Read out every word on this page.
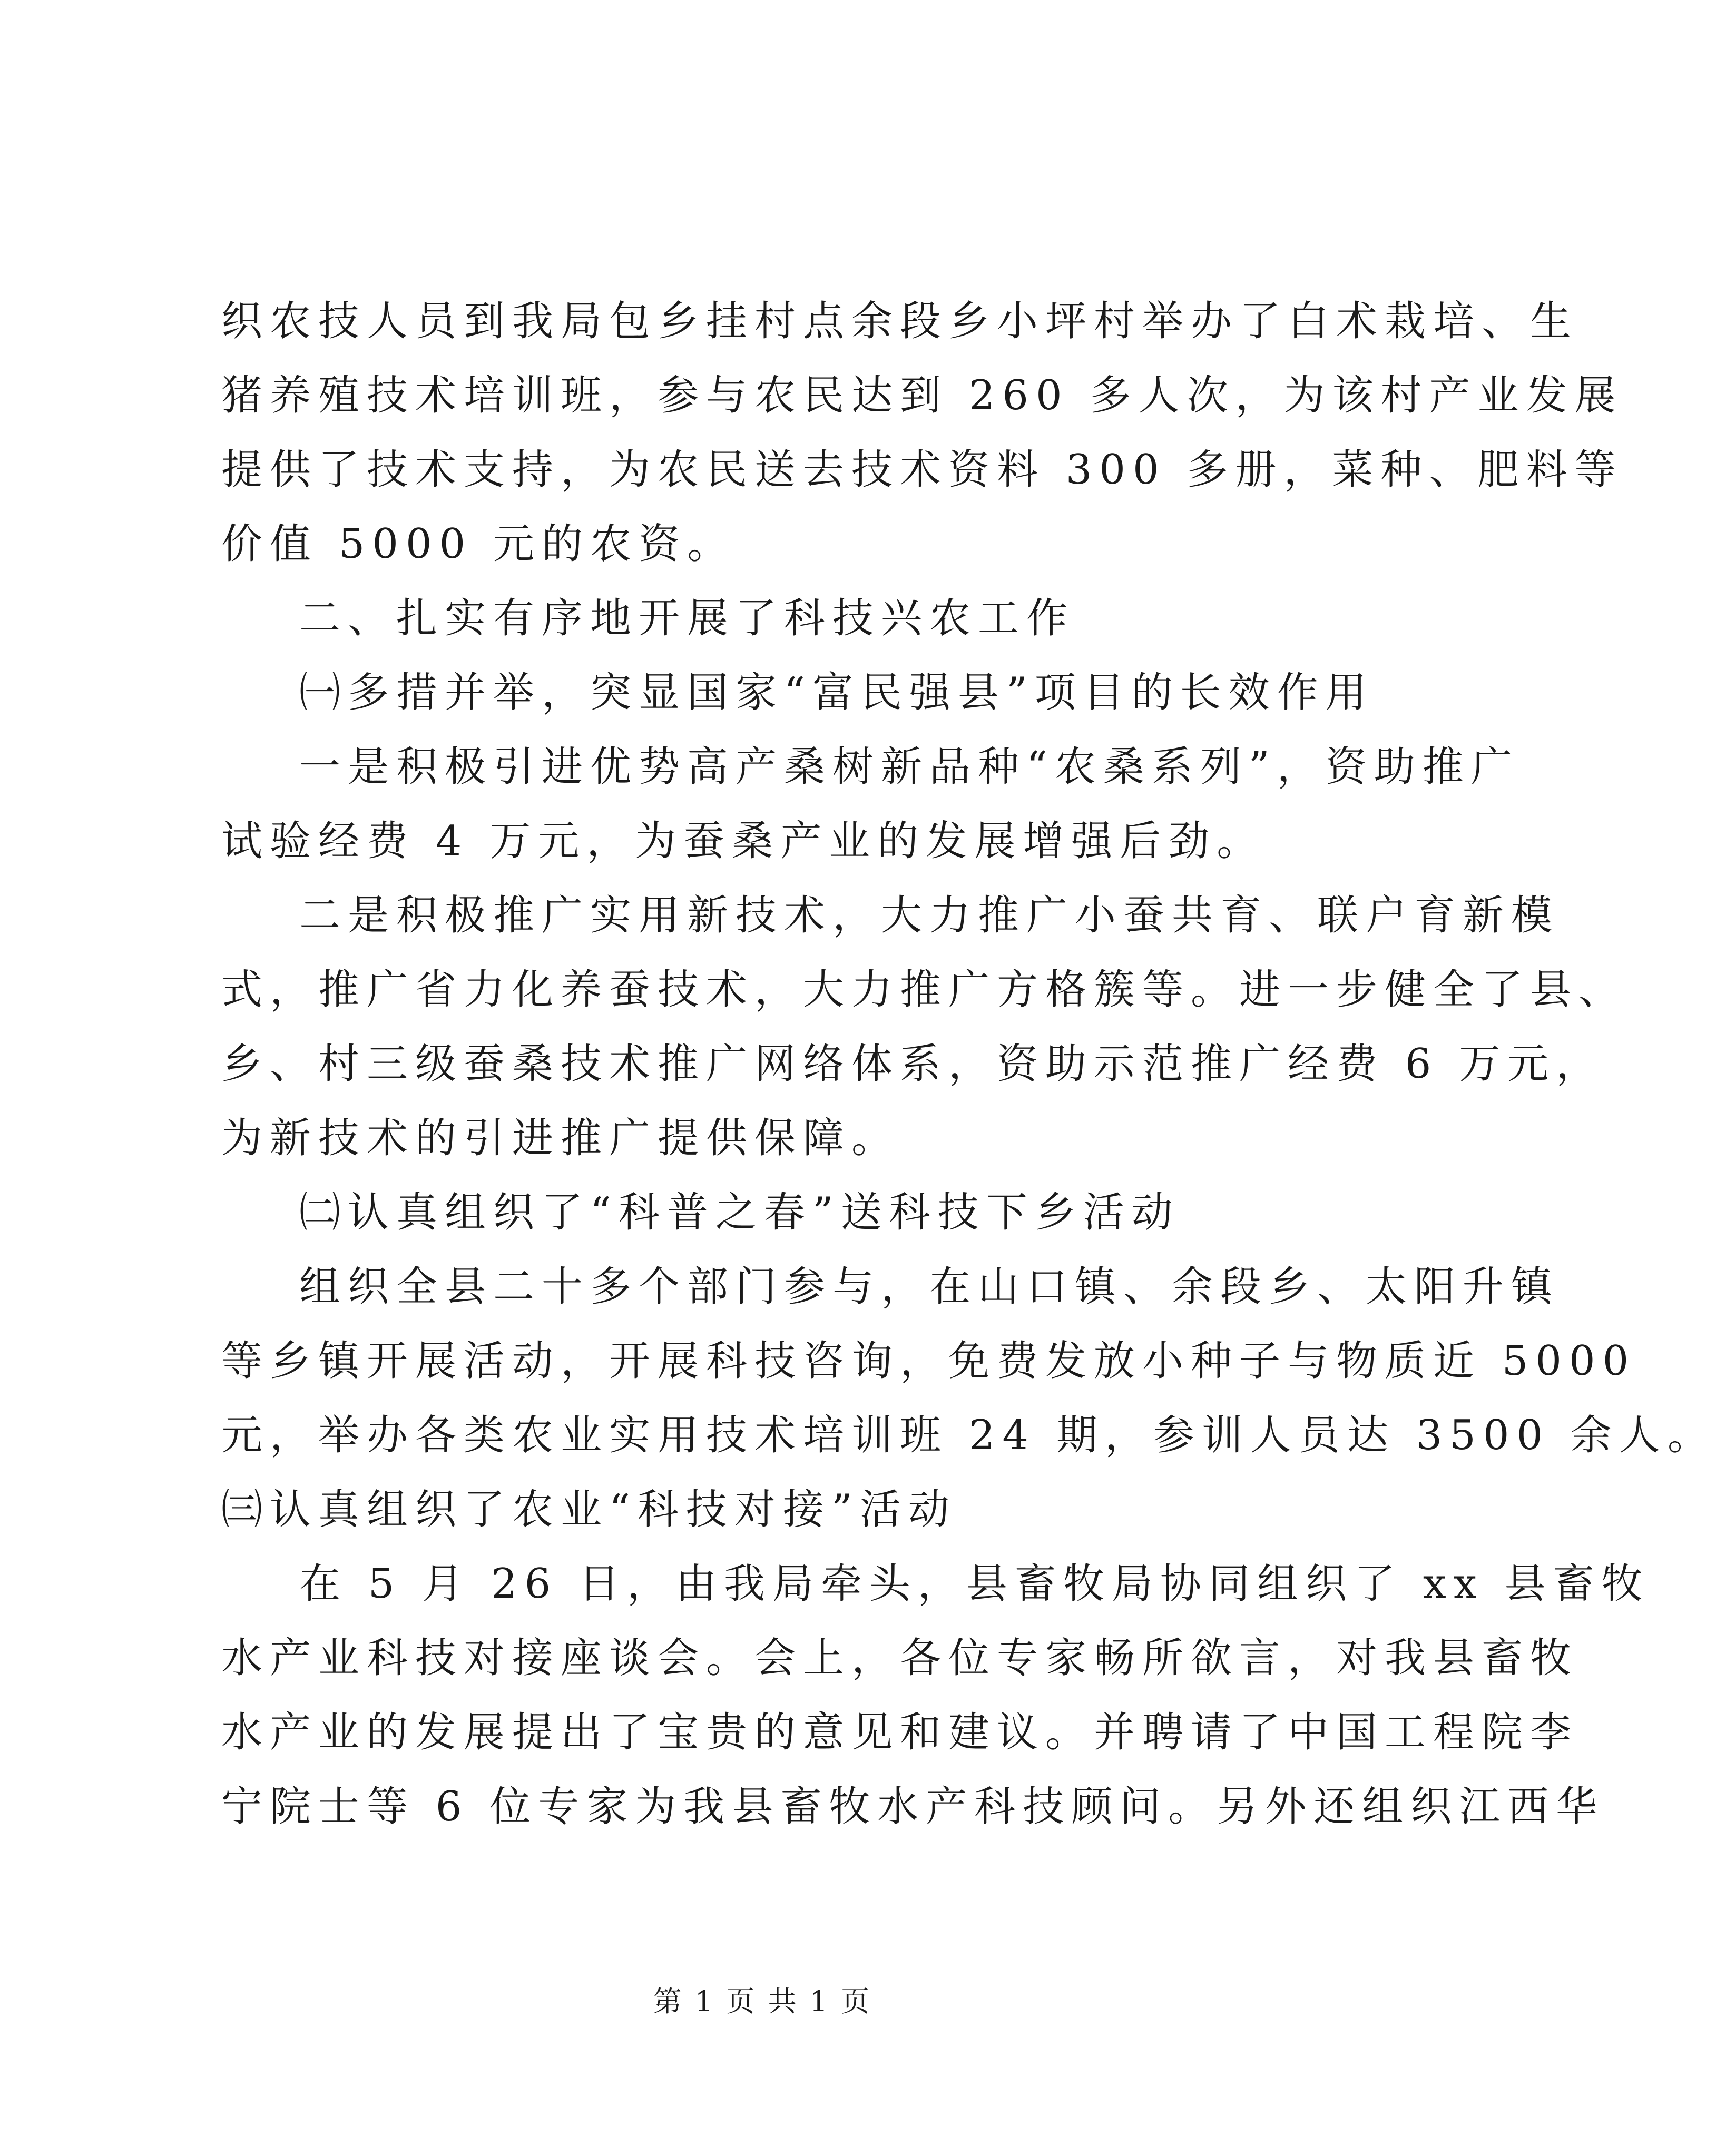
织农技人员到我局包乡挂村点余段乡小坪村举办了白术栽培、生
猪养殖技术培训班，参与农民达到 260 多人次，为该村产业发展
提供了技术支持，为农民送去技术资料 300 多册，菜种、肥料等
价值 5000 元的农资。
二、扎实有序地开展了科技兴农工作
㈠多措并举，突显国家“富民强县”项目的长效作用
一是积极引进优势高产桑树新品种“农桑系列”，资助推广
试验经费 4 万元，为蚕桑产业的发展增强后劲。
二是积极推广实用新技术，大力推广小蚕共育、联户育新模
式，推广省力化养蚕技术，大力推广方格簇等。进一步健全了县、
乡、村三级蚕桑技术推广网络体系，资助示范推广经费 6 万元，
为新技术的引进推广提供保障。
㈡认真组织了“科普之春”送科技下乡活动
组织全县二十多个部门参与，在山口镇、余段乡、太阳升镇
等乡镇开展活动，开展科技咨询，免费发放小种子与物质近 5000
元，举办各类农业实用技术培训班 24 期，参训人员达 3500 余人。
㈢认真组织了农业“科技对接”活动
在 5 月 26 日，由我局牵头，县畜牧局协同组织了 xx 县畜牧
水产业科技对接座谈会。会上，各位专家畅所欲言，对我县畜牧
水产业的发展提出了宝贵的意见和建议。并聘请了中国工程院李
宁院士等 6 位专家为我县畜牧水产科技顾问。另外还组织江西华
第 1 页 共 1 页
